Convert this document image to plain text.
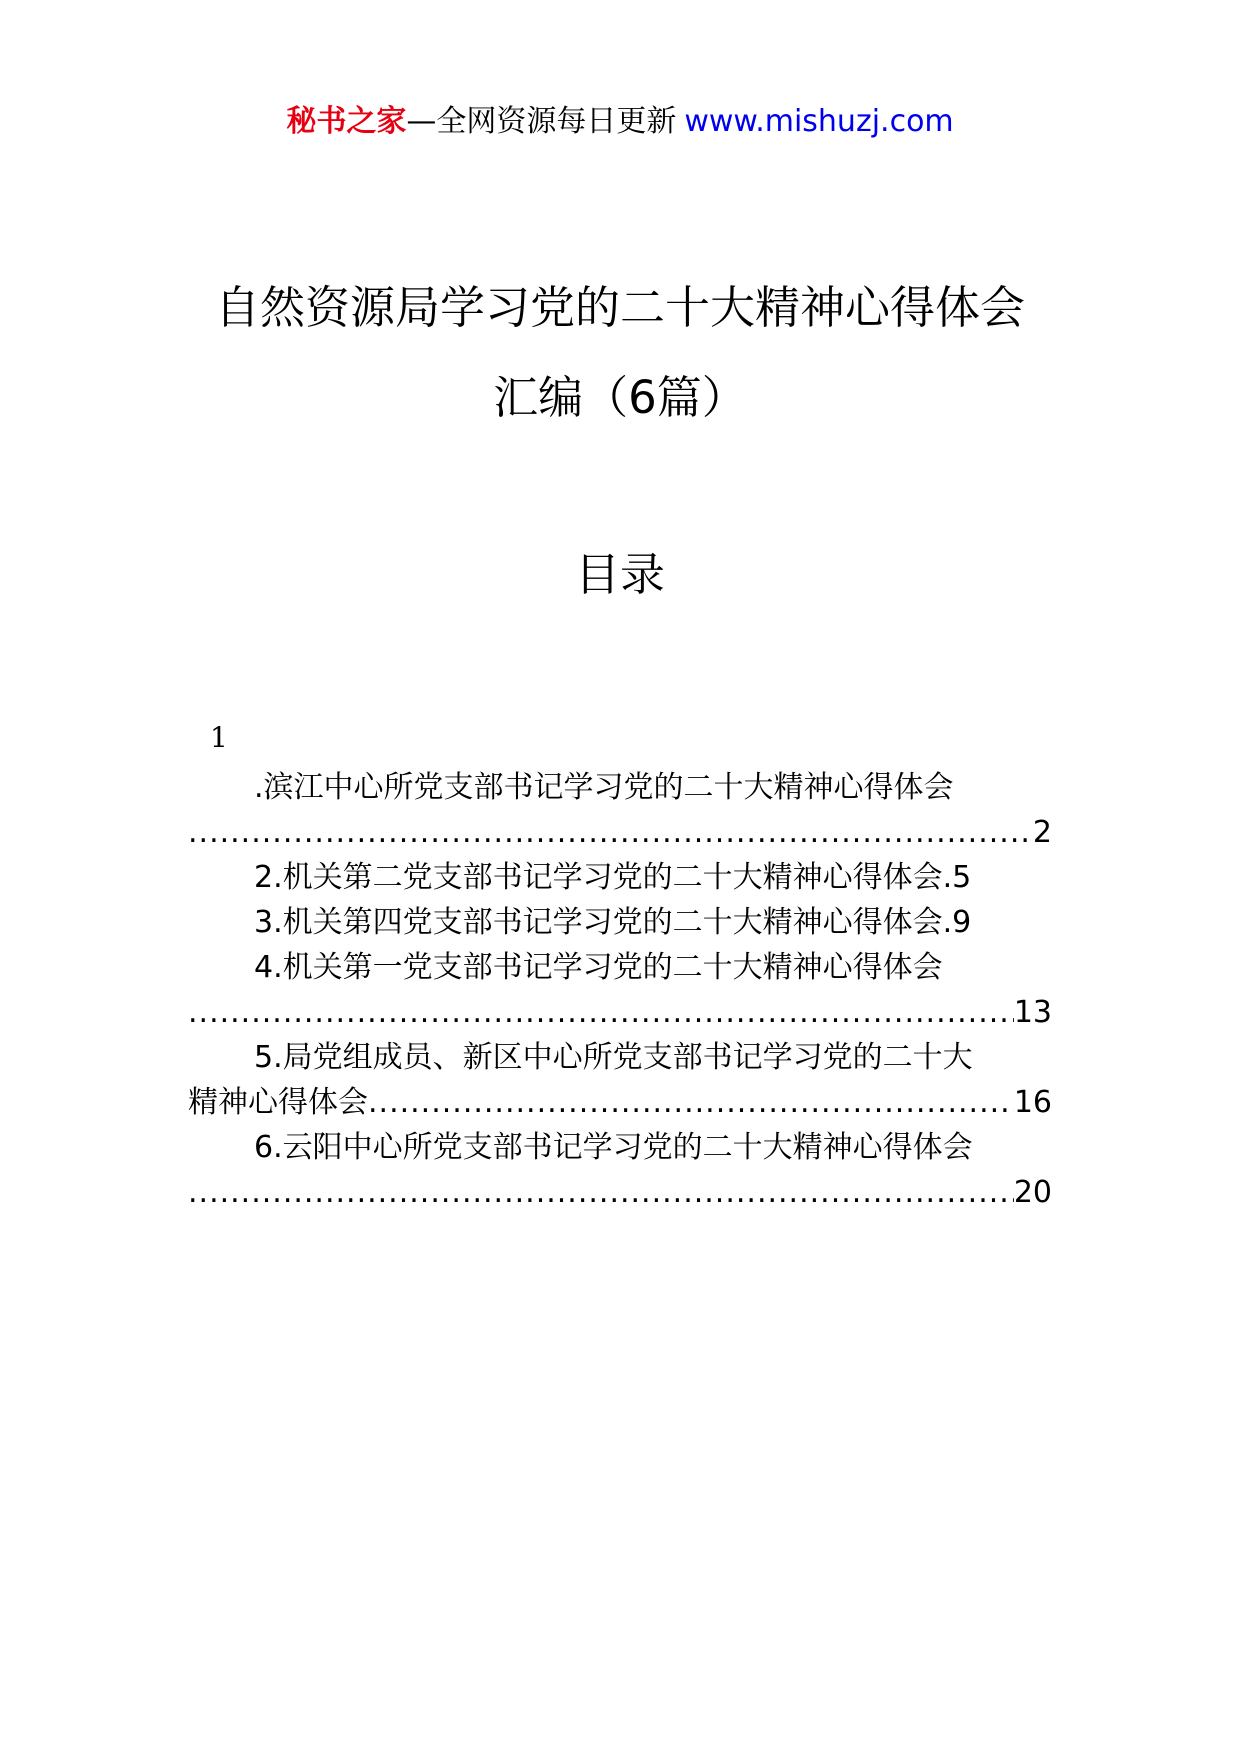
秘书之家—全网资源每日更新 www.mishuzj.com
自然资源局学习党的二十大精神心得体会
汇编（6篇）
目录
1
.滨江中心所党支部书记学习党的二十大精神心得体会
.....
2
2.机关第二党支部书记学习党的二十大精神心得体会. 5
3.机关第四党支部书记学习党的二十大精神心得体会. 9
4.机关第一党支部书记学习党的二十大精神心得体会
.....
13
5.局党组成员、新区中心所党支部书记学习党的二十大
精神心得体会
.....	16
6.云阳中心所党支部书记学习党的二十大精神心得体会
.....
20
